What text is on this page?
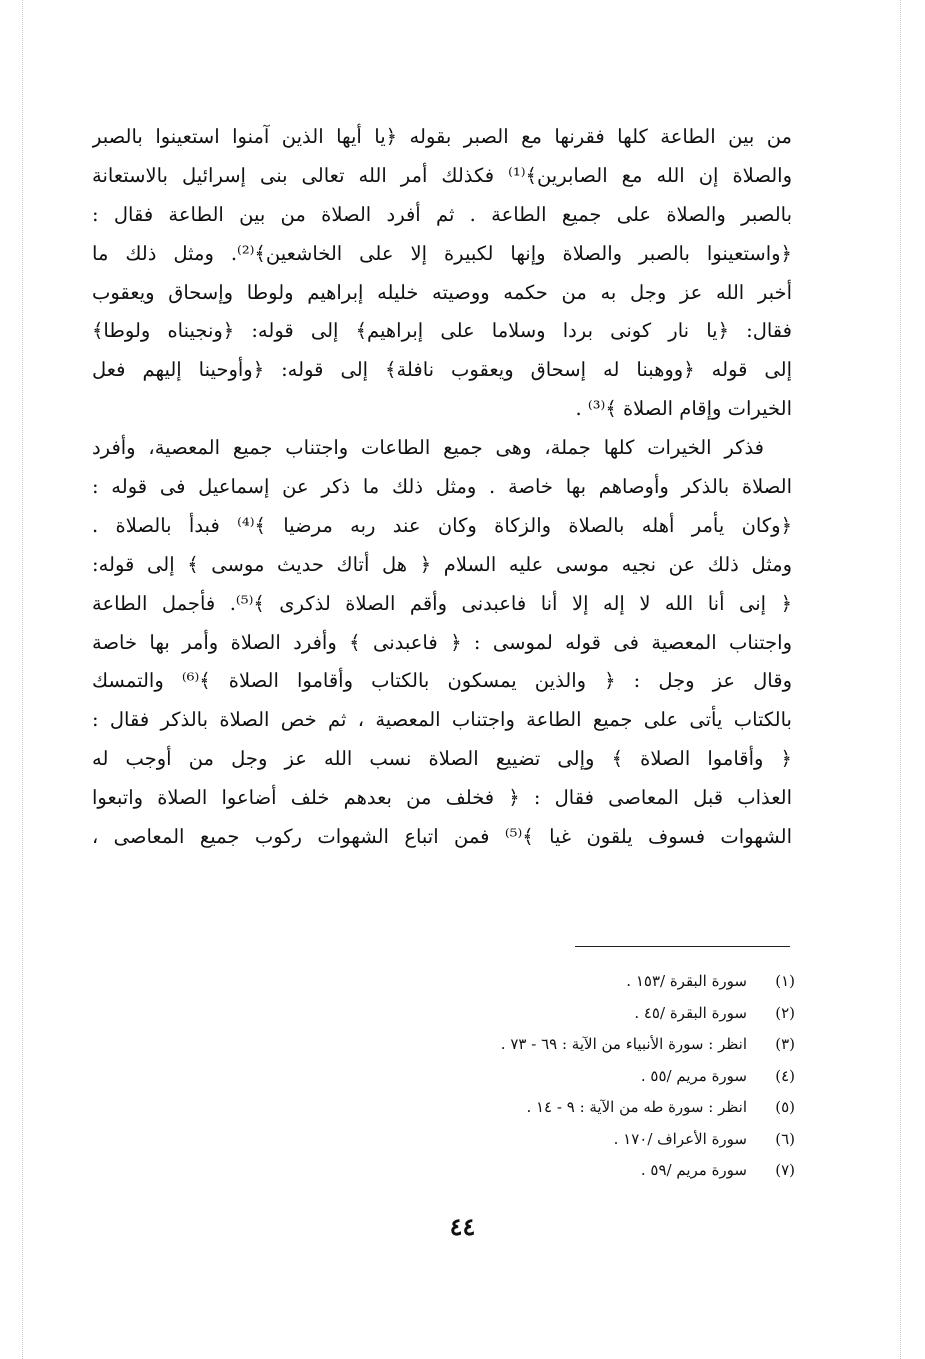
من بين الطاعة كلها فقرنها مع الصبر بقوله ﴿يا أيها الذين آمنوا استعينوا بالصبر
والصلاة إن الله مع الصابرين﴾⁽¹⁾ فكذلك أمر الله تعالى بنى إسرائيل بالاستعانة
بالصبر والصلاة على جميع الطاعة . ثم أفرد الصلاة من بين الطاعة فقال :
﴿واستعينوا بالصبر والصلاة وإنها لكبيرة إلا على الخاشعين﴾⁽²⁾. ومثل ذلك ما
أخبر الله عز وجل به من حكمه ووصيته خليله إبراهيم ولوطا وإسحاق ويعقوب
فقال: ﴿يا نار كونى بردا وسلاما على إبراهيم﴾ إلى قوله: ﴿ونجيناه ولوطا﴾
إلى قوله ﴿ووهبنا له إسحاق ويعقوب نافلة﴾ إلى قوله: ﴿وأوحينا إليهم فعل
الخيرات وإقام الصلاة ﴾⁽³⁾ .
فذكر الخيرات كلها جملة، وهى جميع الطاعات واجتناب جميع المعصية، وأفرد
الصلاة بالذكر وأوصاهم بها خاصة . ومثل ذلك ما ذكر عن إسماعيل فى قوله :
﴿وكان يأمر أهله بالصلاة والزكاة وكان عند ربه مرضيا ﴾⁽⁴⁾ فبدأ بالصلاة .
ومثل ذلك عن نجيه موسى عليه السلام ﴿ هل أتاك حديث موسى ﴾ إلى قوله:
﴿ إنى أنا الله لا إله إلا أنا فاعبدنى وأقم الصلاة لذكرى ﴾⁽⁵⁾. فأجمل الطاعة
واجتناب المعصية فى قوله لموسى : ﴿ فاعبدنى ﴾ وأفرد الصلاة وأمر بها خاصة
وقال عز وجل : ﴿ والذين يمسكون بالكتاب وأقاموا الصلاة ﴾⁽⁶⁾ والتمسك
بالكتاب يأتى على جميع الطاعة واجتناب المعصية ، ثم خص الصلاة بالذكر فقال :
﴿ وأقاموا الصلاة ﴾ وإلى تضييع الصلاة نسب الله عز وجل من أوجب له
العذاب قبل المعاصى فقال : ﴿ فخلف من بعدهم خلف أضاعوا الصلاة واتبعوا
الشهوات فسوف يلقون غيا ﴾⁽⁵⁾ فمن اتباع الشهوات ركوب جميع المعاصى ،
(١)سورة البقرة /١٥٣ .
(٢)سورة البقرة /٤٥ .
(٣)انظر : سورة الأنبياء من الآية : ٦٩ - ٧٣ .
(٤)سورة مريم /٥٥ .
(٥)انظر : سورة طه من الآية : ٩ - ١٤ .
(٦)سورة الأعراف /١٧٠ .
(٧)سورة مريم /٥٩ .
٤٤
